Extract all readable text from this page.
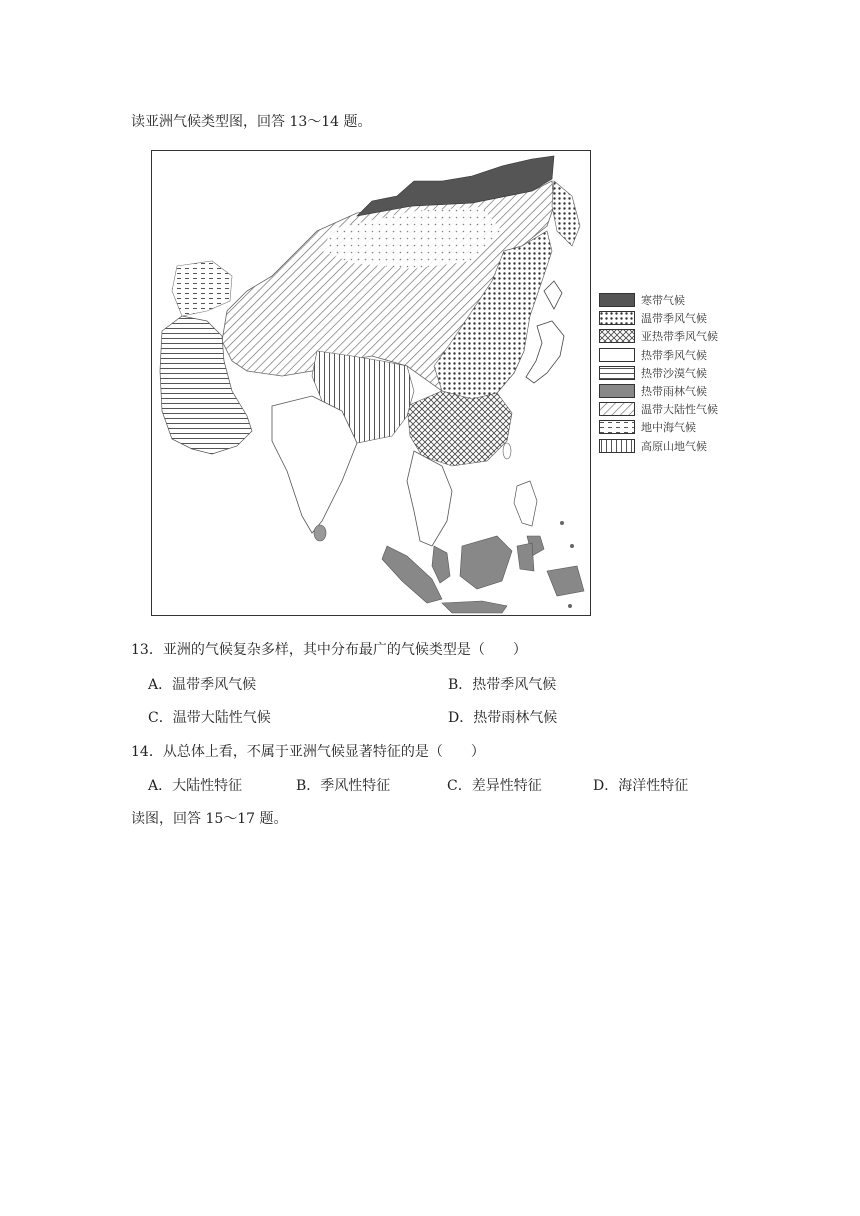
读亚洲气候类型图，回答 13～14 题。
寒带气候
温带季风气候
亚热带季风气候
热带季风气候
热带沙漠气候
热带雨林气候
温带大陆性气候
地中海气候
高原山地气候
13．亚洲的气候复杂多样，其中分布最广的气候类型是（　　）
A．温带季风气候	B．热带季风气候
C．温带大陆性气候	D．热带雨林气候
14．从总体上看，不属于亚洲气候显著特征的是（　　）
A．大陆性特征	B．季风性特征	C．差异性特征	D．海洋性特征
读图，回答 15～17 题。
